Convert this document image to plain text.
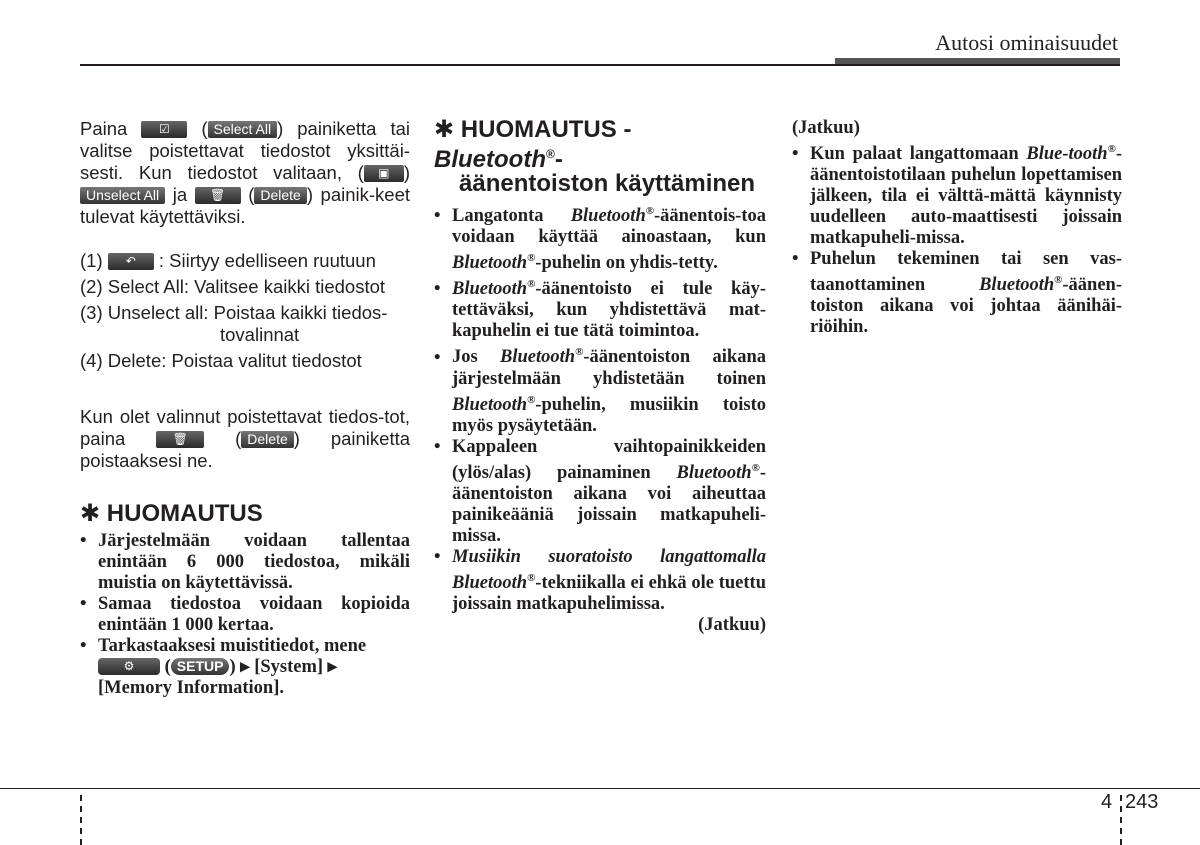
Autosi ominaisuudet

Paina	☑ ( Select All ) painiketta tai valitse poistettavat tiedostot yksittäi-sesti. Kun tiedostot valitaan, ( ▣ ) Unselect All ja 🗑 ( Delete ) painik-keet tulevat käytettäviksi.

(1) ↶ : Siirtyy edelliseen ruutuun

(2) Select All: Valitsee kaikki tiedostot

(3) Unselect all: Poistaa kaikki tiedos-

tovalinnat

(4) Delete: Poistaa valitut tiedostot

Kun olet valinnut poistettavat tiedos-tot, paina	🗑	( Delete ) painiketta poistaaksesi ne.

✱ HUOMAUTUS
• Järjestelmään voidaan tallentaa enintään 6 000 tiedostoa, mikäli muistia on käytettävissä.
• Samaa tiedostoa voidaan kopioida enintään 1 000 kertaa.
• Tarkastaaksesi muistitiedot, mene
⚙ ( SETUP ) ▸ [System] ▸
[Memory Information].
✱ HUOMAUTUS - Bluetooth®-
äänentoiston käyttäminen
• Langatonta Bluetooth®-äänentois-toa voidaan käyttää ainoastaan, kun Bluetooth®-puhelin on yhdis-tetty.
• Bluetooth®-äänentoisto ei tule käy-tettäväksi, kun yhdistettävä mat-kapuhelin ei tue tätä toimintoa.
• Jos Bluetooth®-äänentoiston aikana järjestelmään yhdistetään toinen Bluetooth®-puhelin, musiikin toisto myös pysäytetään.
• Kappaleen vaihtopainikkeiden (ylös/alas) painaminen Bluetooth®-äänentoiston aikana voi aiheuttaa painikeääniä joissain matkapuheli-missa.
• Musiikin suoratoisto langattomalla Bluetooth®-tekniikalla ei ehkä ole tuettu joissain matkapuhelimissa.

(Jatkuu)

(Jatkuu)

• Kun palaat langattomaan Blue-tooth®-äänentoistotilaan puhelun lopettamisen jälkeen, tila ei välttä-mättä käynnisty uudelleen auto-maattisesti joissain matkapuheli-missa.
• Puhelun tekeminen tai sen vas-taanottaminen Bluetooth®-äänen-toiston aikana voi johtaa äänihäi-riöihin.
4 243
